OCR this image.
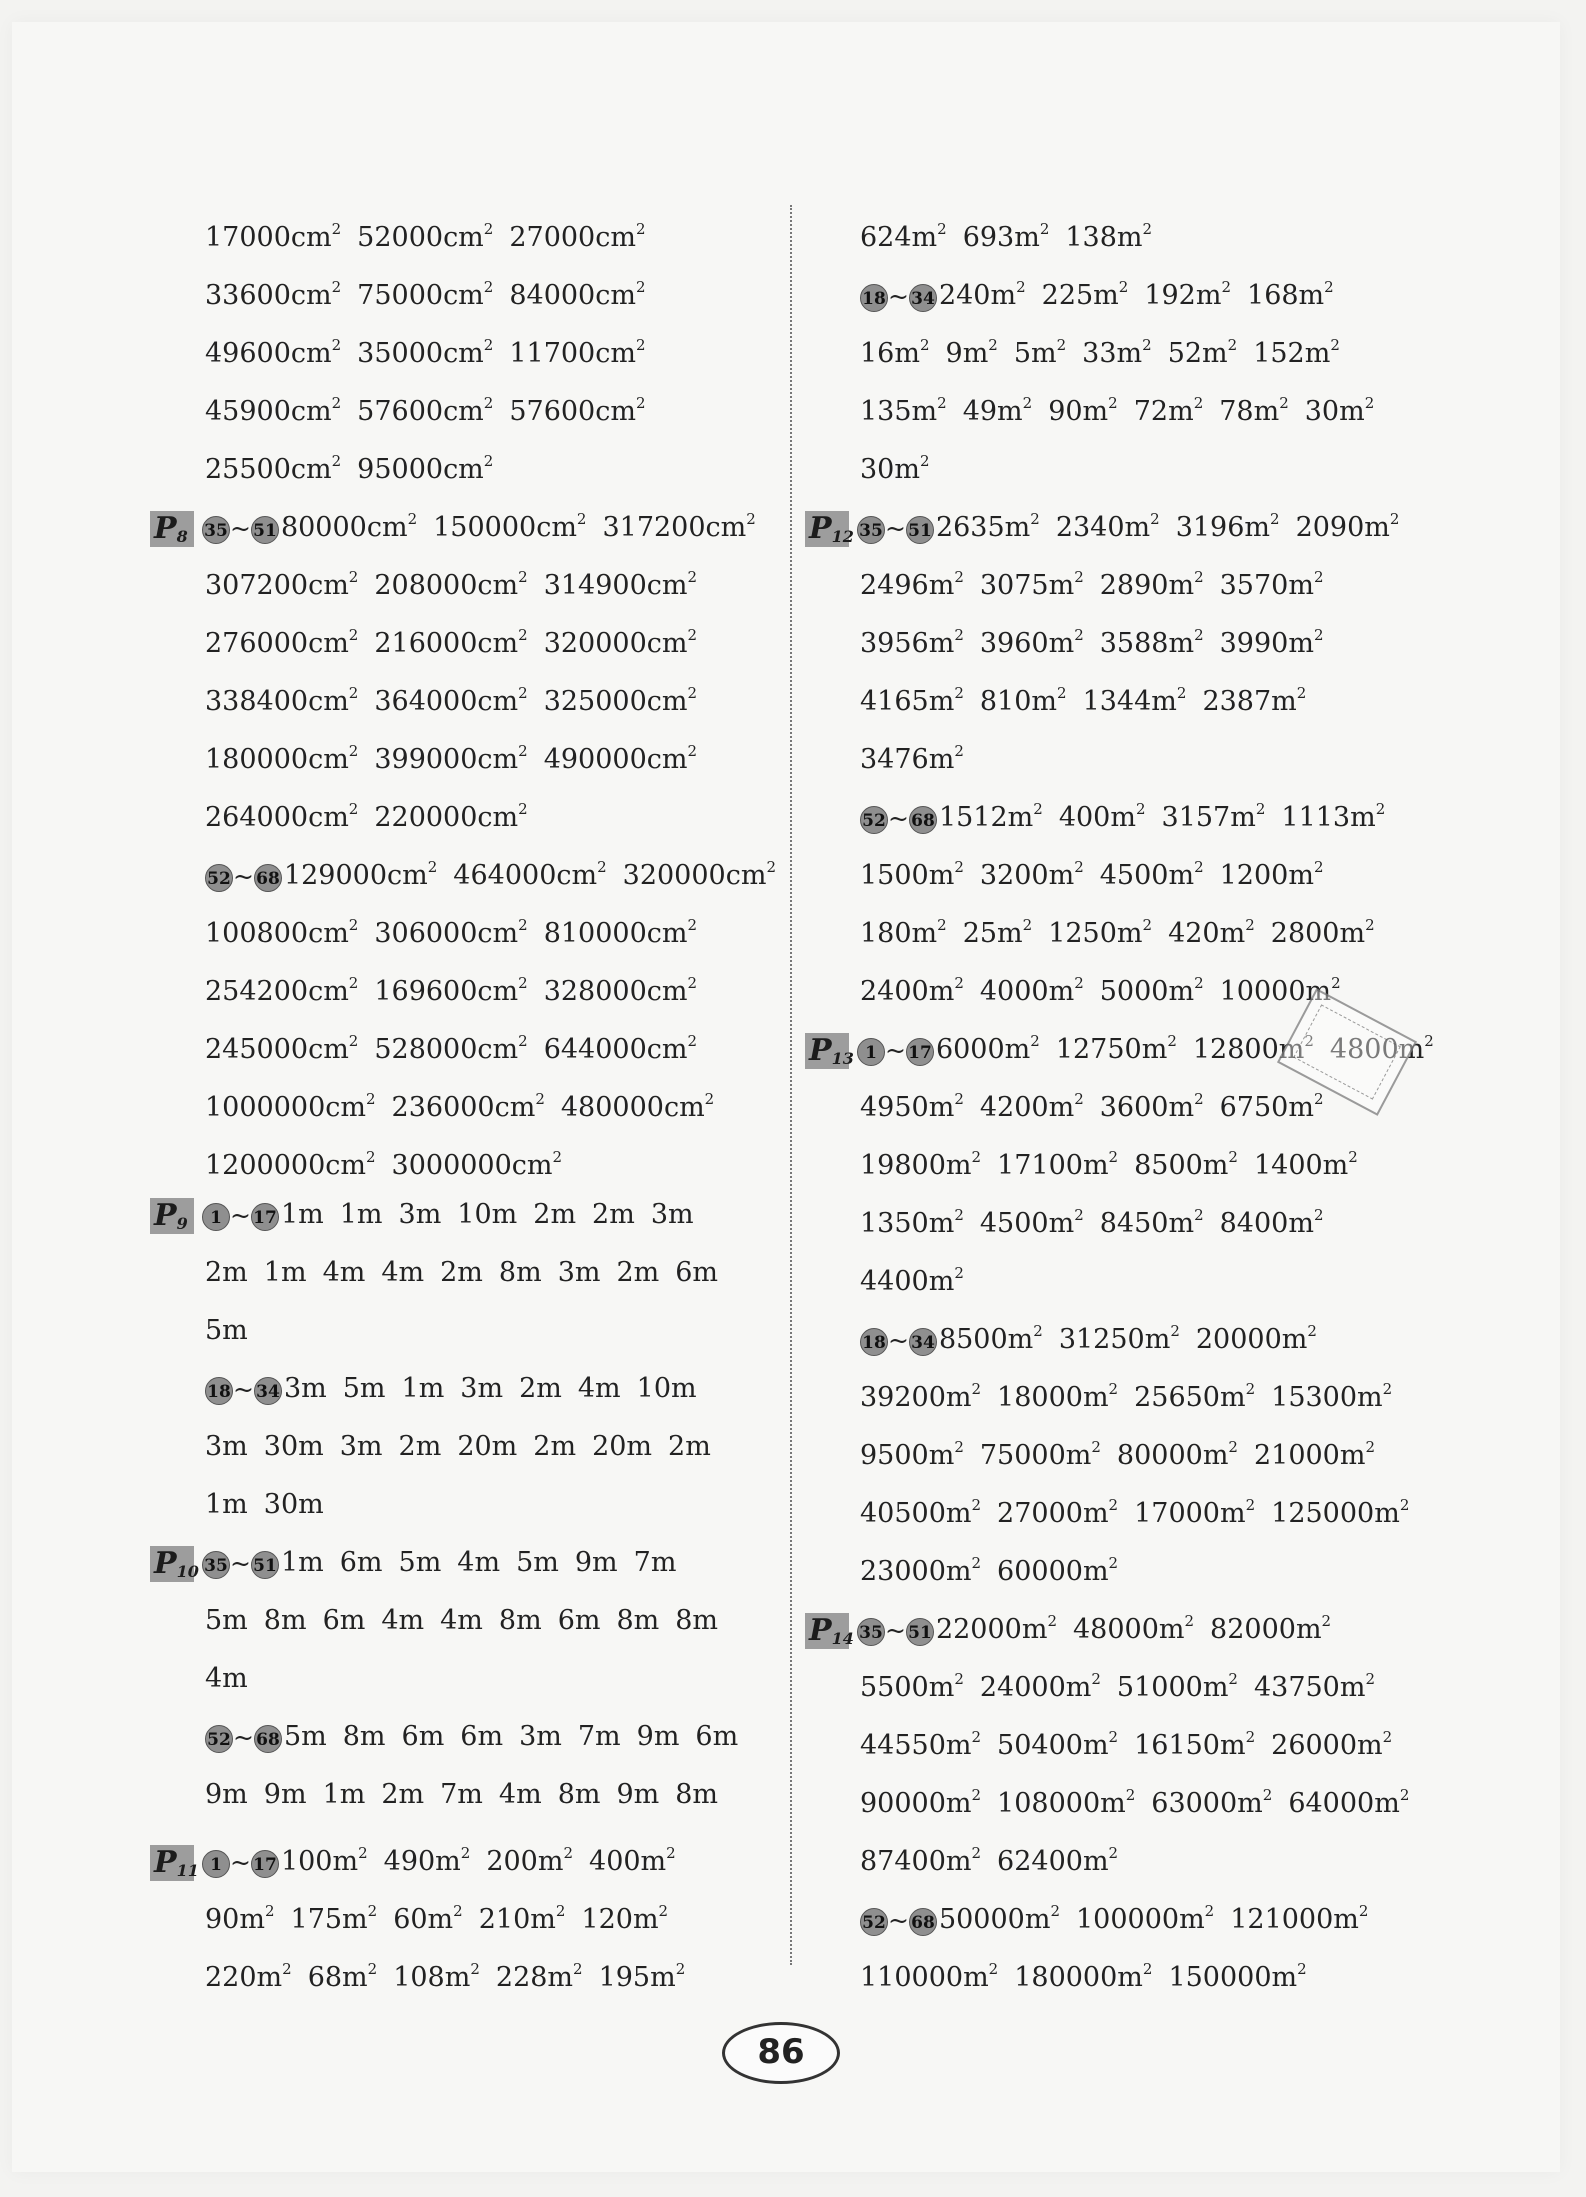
$17000cm^2$ $52000cm^2$ $27000cm^2$
$33600cm^2$ $75000cm^2$ $84000cm^2$
$49600cm^2$ $35000cm^2$ $11700cm^2$
$45900cm^2$ $57600cm^2$ $57600cm^2$
$25500cm^2$ $95000cm^2$
$P_8$ 35~ 51 $80000cm^2$ $150000cm^2$ $317200cm^2$
$307200cm^2$ $208000cm^2$ $314900cm^2$
$276000cm^2$ $216000cm^2$ $320000cm^2$
$338400cm^2$ $364000cm^2$ $325000cm^2$
$180000cm^2$ $399000cm^2$ $490000cm^2$
$264000cm^2$ $220000cm^2$
52~ 68 $129000cm^2$ $464000cm^2$ $320000cm^2$
$100800cm^2$ $306000cm^2$ $810000cm^2$
$254200cm^2$ $169600cm^2$ $328000cm^2$
$245000cm^2$ $528000cm^2$ $644000cm^2$
$1000000cm^2$ $236000cm^2$ $480000cm^2$
$1200000cm^2$ $3000000cm^2$
$P_9$ 1 ~ 17 1m 1m 3m 10m 2m 2m 3m
2m 1m 4m 4m 2m 8m 3m 2m 6m
5m
18~ 34 3m 5m 1m 3m 2m 4m 10m
3m 30m 3m 2m 20m 2m 20m 2m
1m 30m
$P_{10}$ 35~ 51 1m 6m 5m 4m 5m 9m 7m
5m 8m 6m 4m 4m 8m 6m 8m 8m
4m
52~ 68 5m 8m 6m 6m 3m 7m 9m 6m
9m 9m 1m 2m 7m 4m 8m 9m 8m
$P_{11}$ 1 ~ 17 $100m^2$ $490m^2$ $200m^2$ $400m^2$
$90m^2$ $175m^2$ $60m^2$ $210m^2$ $120m^2$
$220m^2$ $68m^2$ $108m^2$ $228m^2$ $195m^2$
$624m^2$ $693m^2$ $138m^2$
18~ 34 $240m^2$ $225m^2$ $192m^2$ $168m^2$
$16m^2$ $9m^2$ $5m^2$ $33m^2$ $52m^2$ $152m^2$
$135m^2$ $49m^2$ $90m^2$ $72m^2$ $78m^2$ $30m^2$
$30m^2$
$P_{12}$ 35~ 51 $2635m^2$ $2340m^2$ $3196m^2$ $2090m^2$
$2496m^2$ $3075m^2$ $2890m^2$ $3570m^2$
$3956m^2$ $3960m^2$ $3588m^2$ $3990m^2$
$4165m^2$ $810m^2$ $1344m^2$ $2387m^2$
$3476m^2$
52~ 68 $1512m^2$ $400m^2$ $3157m^2$ $1113m^2$
$1500m^2$ $3200m^2$ $4500m^2$ $1200m^2$
$180m^2$ $25m^2$ $1250m^2$ $420m^2$ $2800m^2$
$2400m^2$ $4000m^2$ $5000m^2$ $10000m^2$
$P_{13}$ 1 ~ 17 $6000m^2$ $12750m^2$ $12800m^2$ $4800m^2$
$4950m^2$ $4200m^2$ $3600m^2$ $6750m^2$
$19800m^2$ $17100m^2$ $8500m^2$ $1400m^2$
$1350m^2$ $4500m^2$ $8450m^2$ $8400m^2$
$4400m^2$
18~ 34 $8500m^2$ $31250m^2$ $20000m^2$
$39200m^2$ $18000m^2$ $25650m^2$ $15300m^2$
$9500m^2$ $75000m^2$ $80000m^2$ $21000m^2$
$40500m^2$ $27000m^2$ $17000m^2$ $125000m^2$
$23000m^2$ $60000m^2$
$P_{14}$ 35~ 51 $22000m^2$ $48000m^2$ $82000m^2$
$5500m^2$ $24000m^2$ $51000m^2$ $43750m^2$
$44550m^2$ $50400m^2$ $16150m^2$ $26000m^2$
$90000m^2$ $108000m^2$ $63000m^2$ $64000m^2$
$87400m^2$ $62400m^2$
52~ 68 $50000m^2$ $100000m^2$ $121000m^2$
$110000m^2$ $180000m^2$ $150000m^2$
86
